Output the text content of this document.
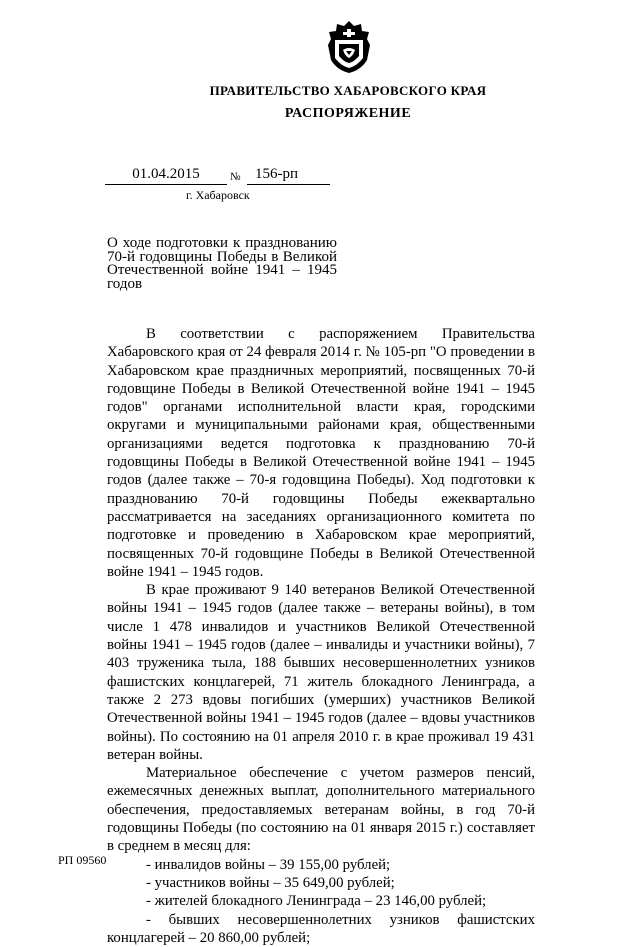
ПРАВИТЕЛЬСТВО ХАБАРОВСКОГО КРАЯ
РАСПОРЯЖЕНИЕ
01.04.2015	№ 156-рп
г. Хабаровск
О ходе подготовки к празднованию 70-й годовщины Победы в Великой Отечественной войне 1941 – 1945 годов

В соответствии с распоряжением Правительства Хабаровского края от 24 февраля 2014 г. № 105-рп "О проведении в Хабаровском крае праздничных мероприятий, посвященных 70-й годовщине Победы в Великой Отечественной войне 1941 – 1945 годов" органами исполнительной власти края, городскими округами и муниципальными районами края, общественными организациями ведется подготовка к празднованию 70-й годовщины Победы в Великой Отечественной войне 1941 – 1945 годов (далее также – 70-я годовщина Победы). Ход подготовки к празднованию 70-й годовщины Победы ежеквартально рассматривается на заседаниях организационного комитета по подготовке и проведению в Хабаровском крае мероприятий, посвященных 70-й годовщине Победы в Великой Отечественной войне 1941 – 1945 годов.

В крае проживают 9 140 ветеранов Великой Отечественной войны 1941 – 1945 годов (далее также – ветераны войны), в том числе 1 478 инвалидов и участников Великой Отечественной войны 1941 – 1945 годов (далее – инвалиды и участники войны), 7 403 труженика тыла, 188 бывших несовершеннолетних узников фашистских концлагерей, 71 житель блокадного Ленинграда, а также 2 273 вдовы погибших (умерших) участников Великой Отечественной войны 1941 – 1945 годов (далее – вдовы участников войны). По состоянию на 01 апреля 2010 г. в крае проживал 19 431 ветеран войны.

Материальное обеспечение с учетом размеров пенсий, ежемесячных денежных выплат, дополнительного материального обеспечения, предоставляемых ветеранам войны, в год 70-й годовщины Победы (по состоянию на 01 января 2015 г.) составляет в среднем в месяц для:

- инвалидов войны – 39 155,00 рублей;

- участников войны – 35 649,00 рублей;

- жителей блокадного Ленинграда – 23 146,00 рублей;

- бывших несовершеннолетних узников фашистских концлагерей – 20 860,00 рублей;

РП 09560
